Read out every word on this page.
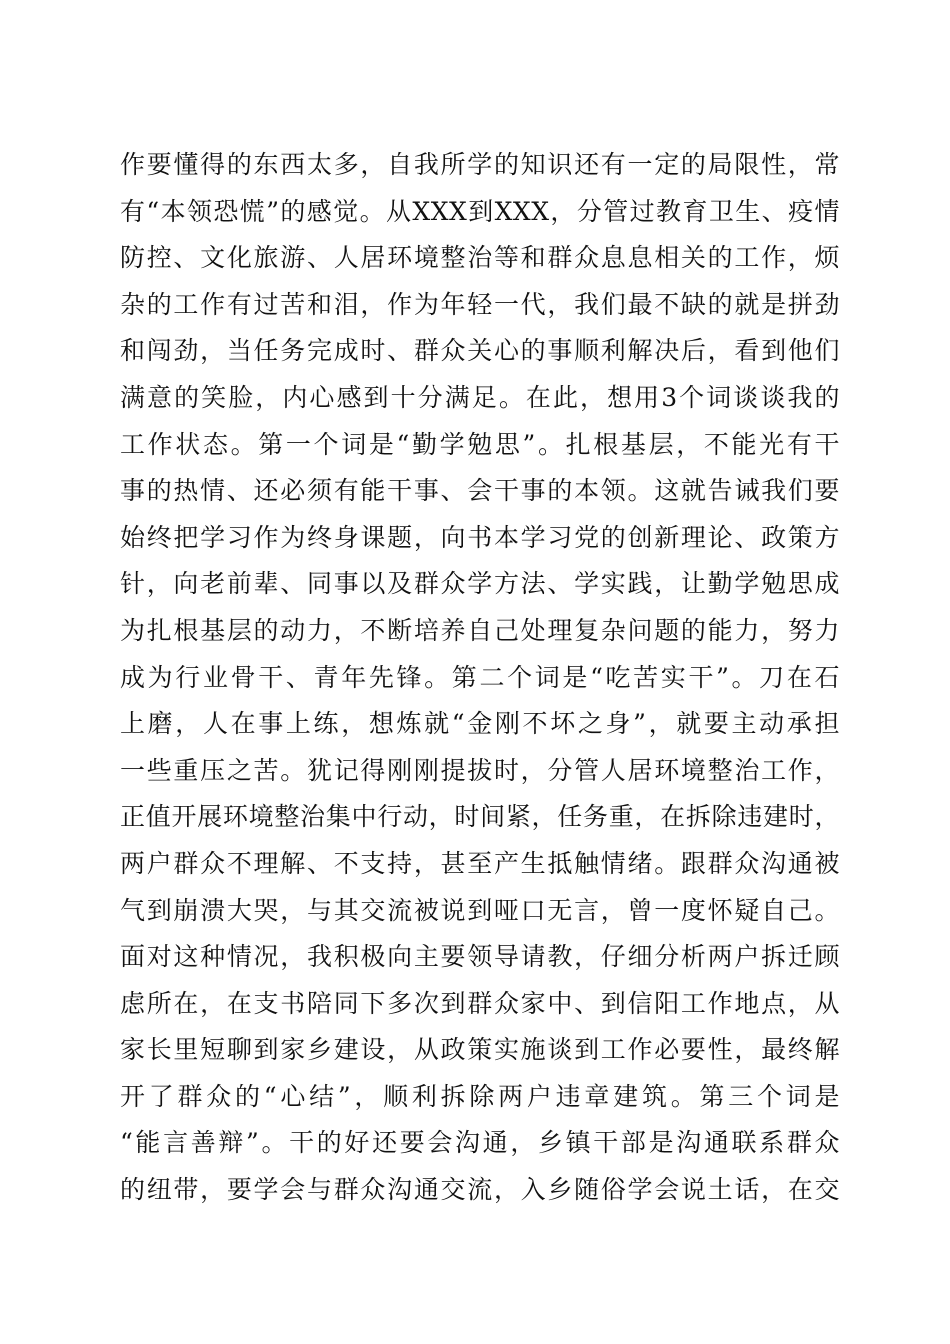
作要懂得的东西太多，自我所学的知识还有一定的局限性，常
有“本领恐慌”的感觉。从XXX到XXX，分管过教育卫生、疫情
防控、文化旅游、人居环境整治等和群众息息相关的工作，烦
杂的工作有过苦和泪，作为年轻一代，我们最不缺的就是拼劲
和闯劲，当任务完成时、群众关心的事顺利解决后，看到他们
满意的笑脸，内心感到十分满足。在此，想用3个词谈谈我的
工作状态。第一个词是“勤学勉思”。扎根基层，不能光有干
事的热情、还必须有能干事、会干事的本领。这就告诫我们要
始终把学习作为终身课题，向书本学习党的创新理论、政策方
针，向老前辈、同事以及群众学方法、学实践，让勤学勉思成
为扎根基层的动力，不断培养自己处理复杂问题的能力，努力
成为行业骨干、青年先锋。第二个词是“吃苦实干”。刀在石
上磨，人在事上练，想炼就“金刚不坏之身”，就要主动承担
一些重压之苦。犹记得刚刚提拔时，分管人居环境整治工作，
正值开展环境整治集中行动，时间紧，任务重，在拆除违建时，
两户群众不理解、不支持，甚至产生抵触情绪。跟群众沟通被
气到崩溃大哭，与其交流被说到哑口无言，曾一度怀疑自己。
面对这种情况，我积极向主要领导请教，仔细分析两户拆迁顾
虑所在，在支书陪同下多次到群众家中、到信阳工作地点，从
家长里短聊到家乡建设，从政策实施谈到工作必要性，最终解
开了群众的“心结”，顺利拆除两户违章建筑。第三个词是
“能言善辩”。干的好还要会沟通，乡镇干部是沟通联系群众
的纽带，要学会与群众沟通交流，入乡随俗学会说土话，在交
